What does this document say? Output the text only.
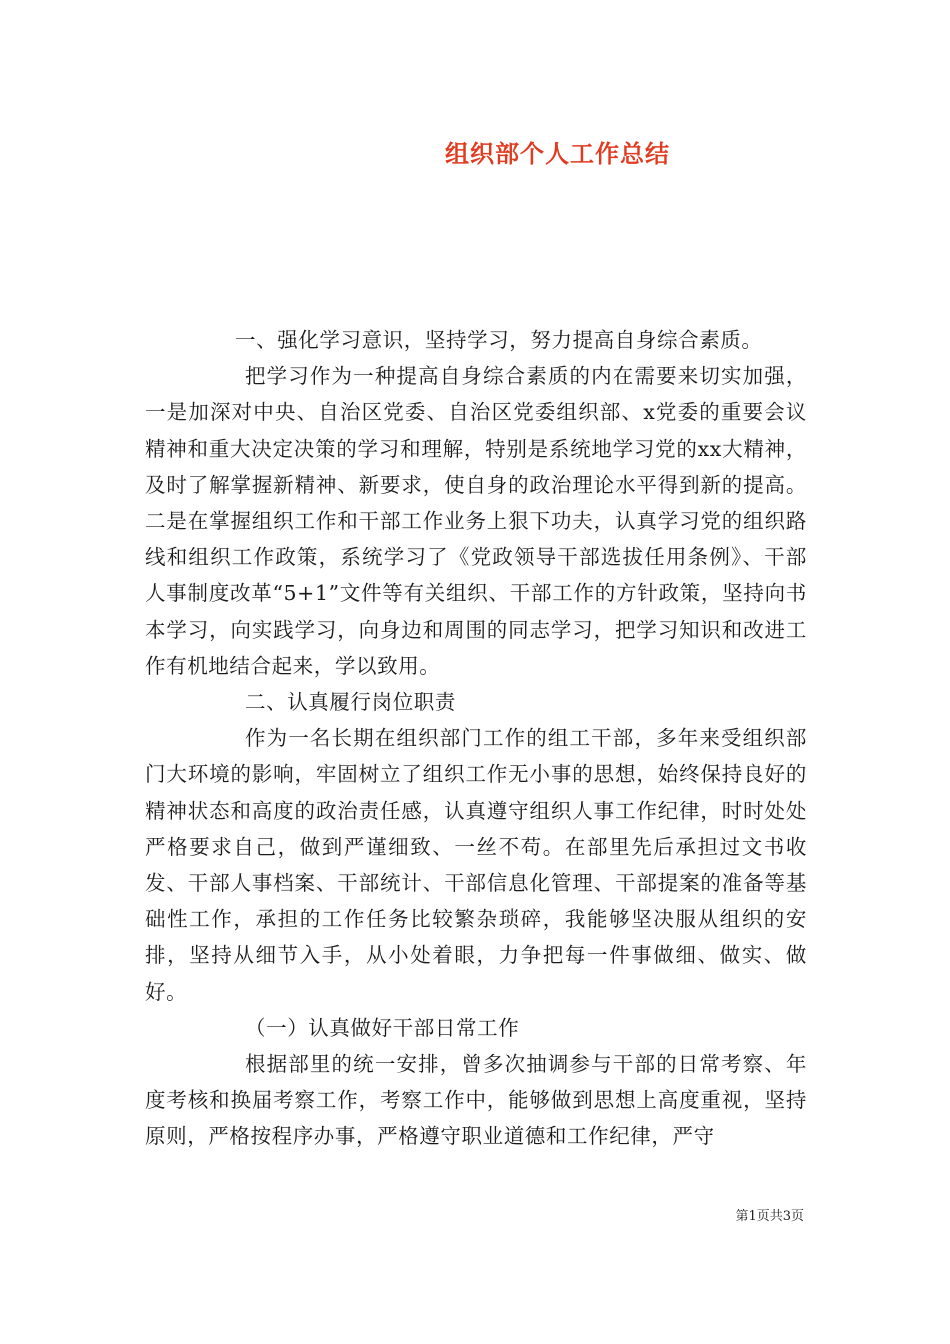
组织部个人工作总结

一、强化学习意识，坚持学习，努力提高自身综合素质。

把学习作为一种提高自身综合素质的内在需要来切实加强，一是加深对中央、自治区党委、自治区党委组织部、x党委的重要会议精神和重大决定决策的学习和理解，特别是系统地学习党的xx大精神，及时了解掌握新精神、新要求，使自身的政治理论水平得到新的提高。二是在掌握组织工作和干部工作业务上狠下功夫，认真学习党的组织路线和组织工作政策，系统学习了《党政领导干部选拔任用条例》、干部人事制度改革“5+1”文件等有关组织、干部工作的方针政策，坚持向书本学习，向实践学习，向身边和周围的同志学习，把学习知识和改进工作有机地结合起来，学以致用。

二、认真履行岗位职责

作为一名长期在组织部门工作的组工干部，多年来受组织部门大环境的影响，牢固树立了组织工作无小事的思想，始终保持良好的精神状态和高度的政治责任感，认真遵守组织人事工作纪律，时时处处严格要求自己，做到严谨细致、一丝不苟。在部里先后承担过文书收发、干部人事档案、干部统计、干部信息化管理、干部提案的准备等基础性工作，承担的工作任务比较繁杂琐碎，我能够坚决服从组织的安排，坚持从细节入手，从小处着眼，力争把每一件事做细、做实、做好。

（一）认真做好干部日常工作

根据部里的统一安排，曾多次抽调参与干部的日常考察、年度考核和换届考察工作，考察工作中，能够做到思想上高度重视，坚持原则，严格按程序办事，严格遵守职业道德和工作纪律，严守

第1页共3页
